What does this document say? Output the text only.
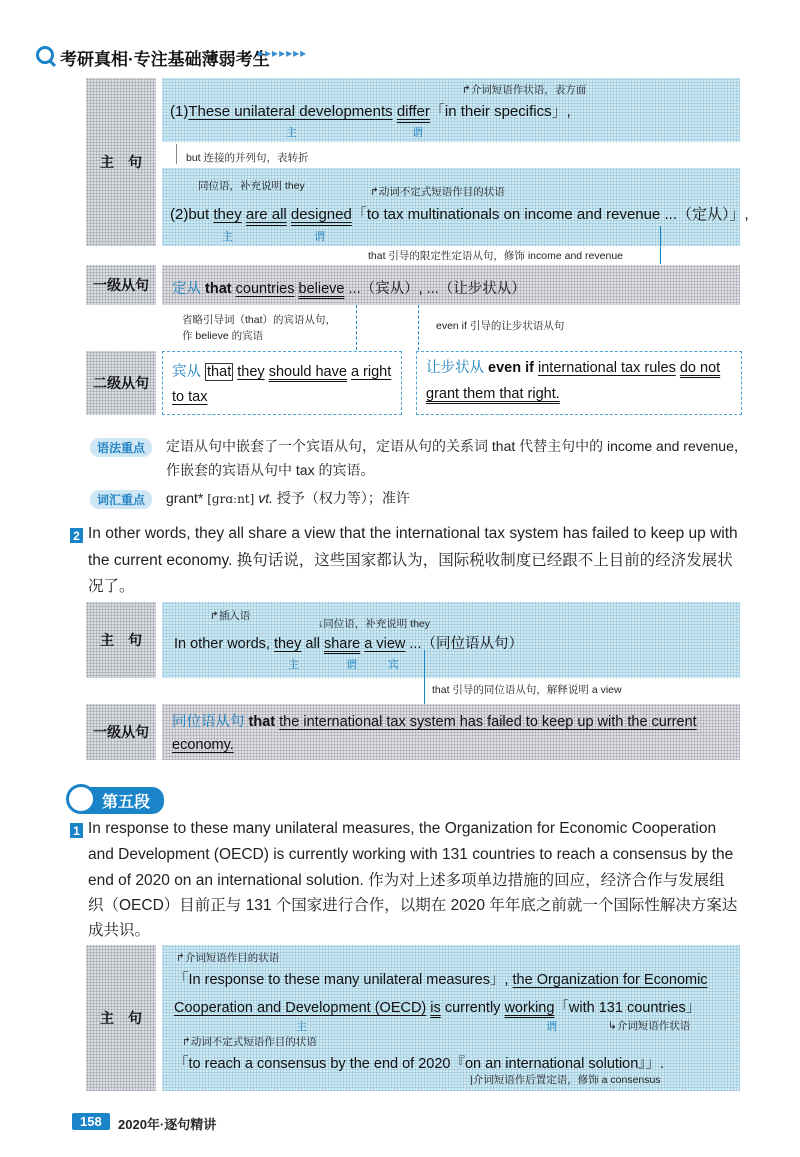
考研真相·专注基础薄弱考生
▸▸▸▸▸▸▸
主　句
↱介词短语作状语，表方面
(1)These unilateral developments differ「in their specifics」,
主	谓
but 连接的并列句，表转折
同位语，补充说明 they	↱动词不定式短语作目的状语
(2)but they are all designed「to tax multinationals on income and revenue ...（定从）」,
主	谓
that 引导的限定性定语从句，修饰 income and revenue
一级从句 定从 that countries believe ...（宾从）, ...（让步状从）
省略引导词（that）的宾语从句，
作 believe 的宾语
even if 引导的让步状语从句
二级从句
宾从 that they should have a right
to tax
让步状从 even if international tax rules do not
grant them that right.
语法重点	定语从句中嵌套了一个宾语从句，定语从句的关系词 that 代替主句中的 income and revenue，
作嵌套的宾语从句中 tax 的宾语。
词汇重点	grant* [ɡrɑːnt] vt. 授予（权力等）；准许
2 In other words, they all share a view that the international tax system has failed to keep up with
the current economy. 换句话说，这些国家都认为，国际税收制度已经跟不上目前的经济发展状
况了。
主　句
↱插入语
↓同位语，补充说明 they
In other words, they all share a view ...（同位语从句）
主	谓	宾
that 引导的同位语从句，解释说明 a view
一级从句
同位语从句 that the international tax system has failed to keep up with the current
economy.
第五段
1 In response to these many unilateral measures, the Organization for Economic Cooperation
and Development (OECD) is currently working with 131 countries to reach a consensus by the
end of 2020 on an international solution. 作为对上述多项单边措施的回应，经济合作与发展组
织（OECD）目前正与 131 个国家进行合作，以期在 2020 年年底之前就一个国际性解决方案达
成共识。
主　句
↱介词短语作目的状语
「In response to these many unilateral measures」, the Organization for Economic
Cooperation and Development (OECD) is currently working「with 131 countries」
主	谓	↳介词短语作状语
↱动词不定式短语作目的状语
「to reach a consensus by the end of 2020『on an international solution』」.
|介词短语作后置定语，修饰 a consensus
158	2020年·逐句精讲
